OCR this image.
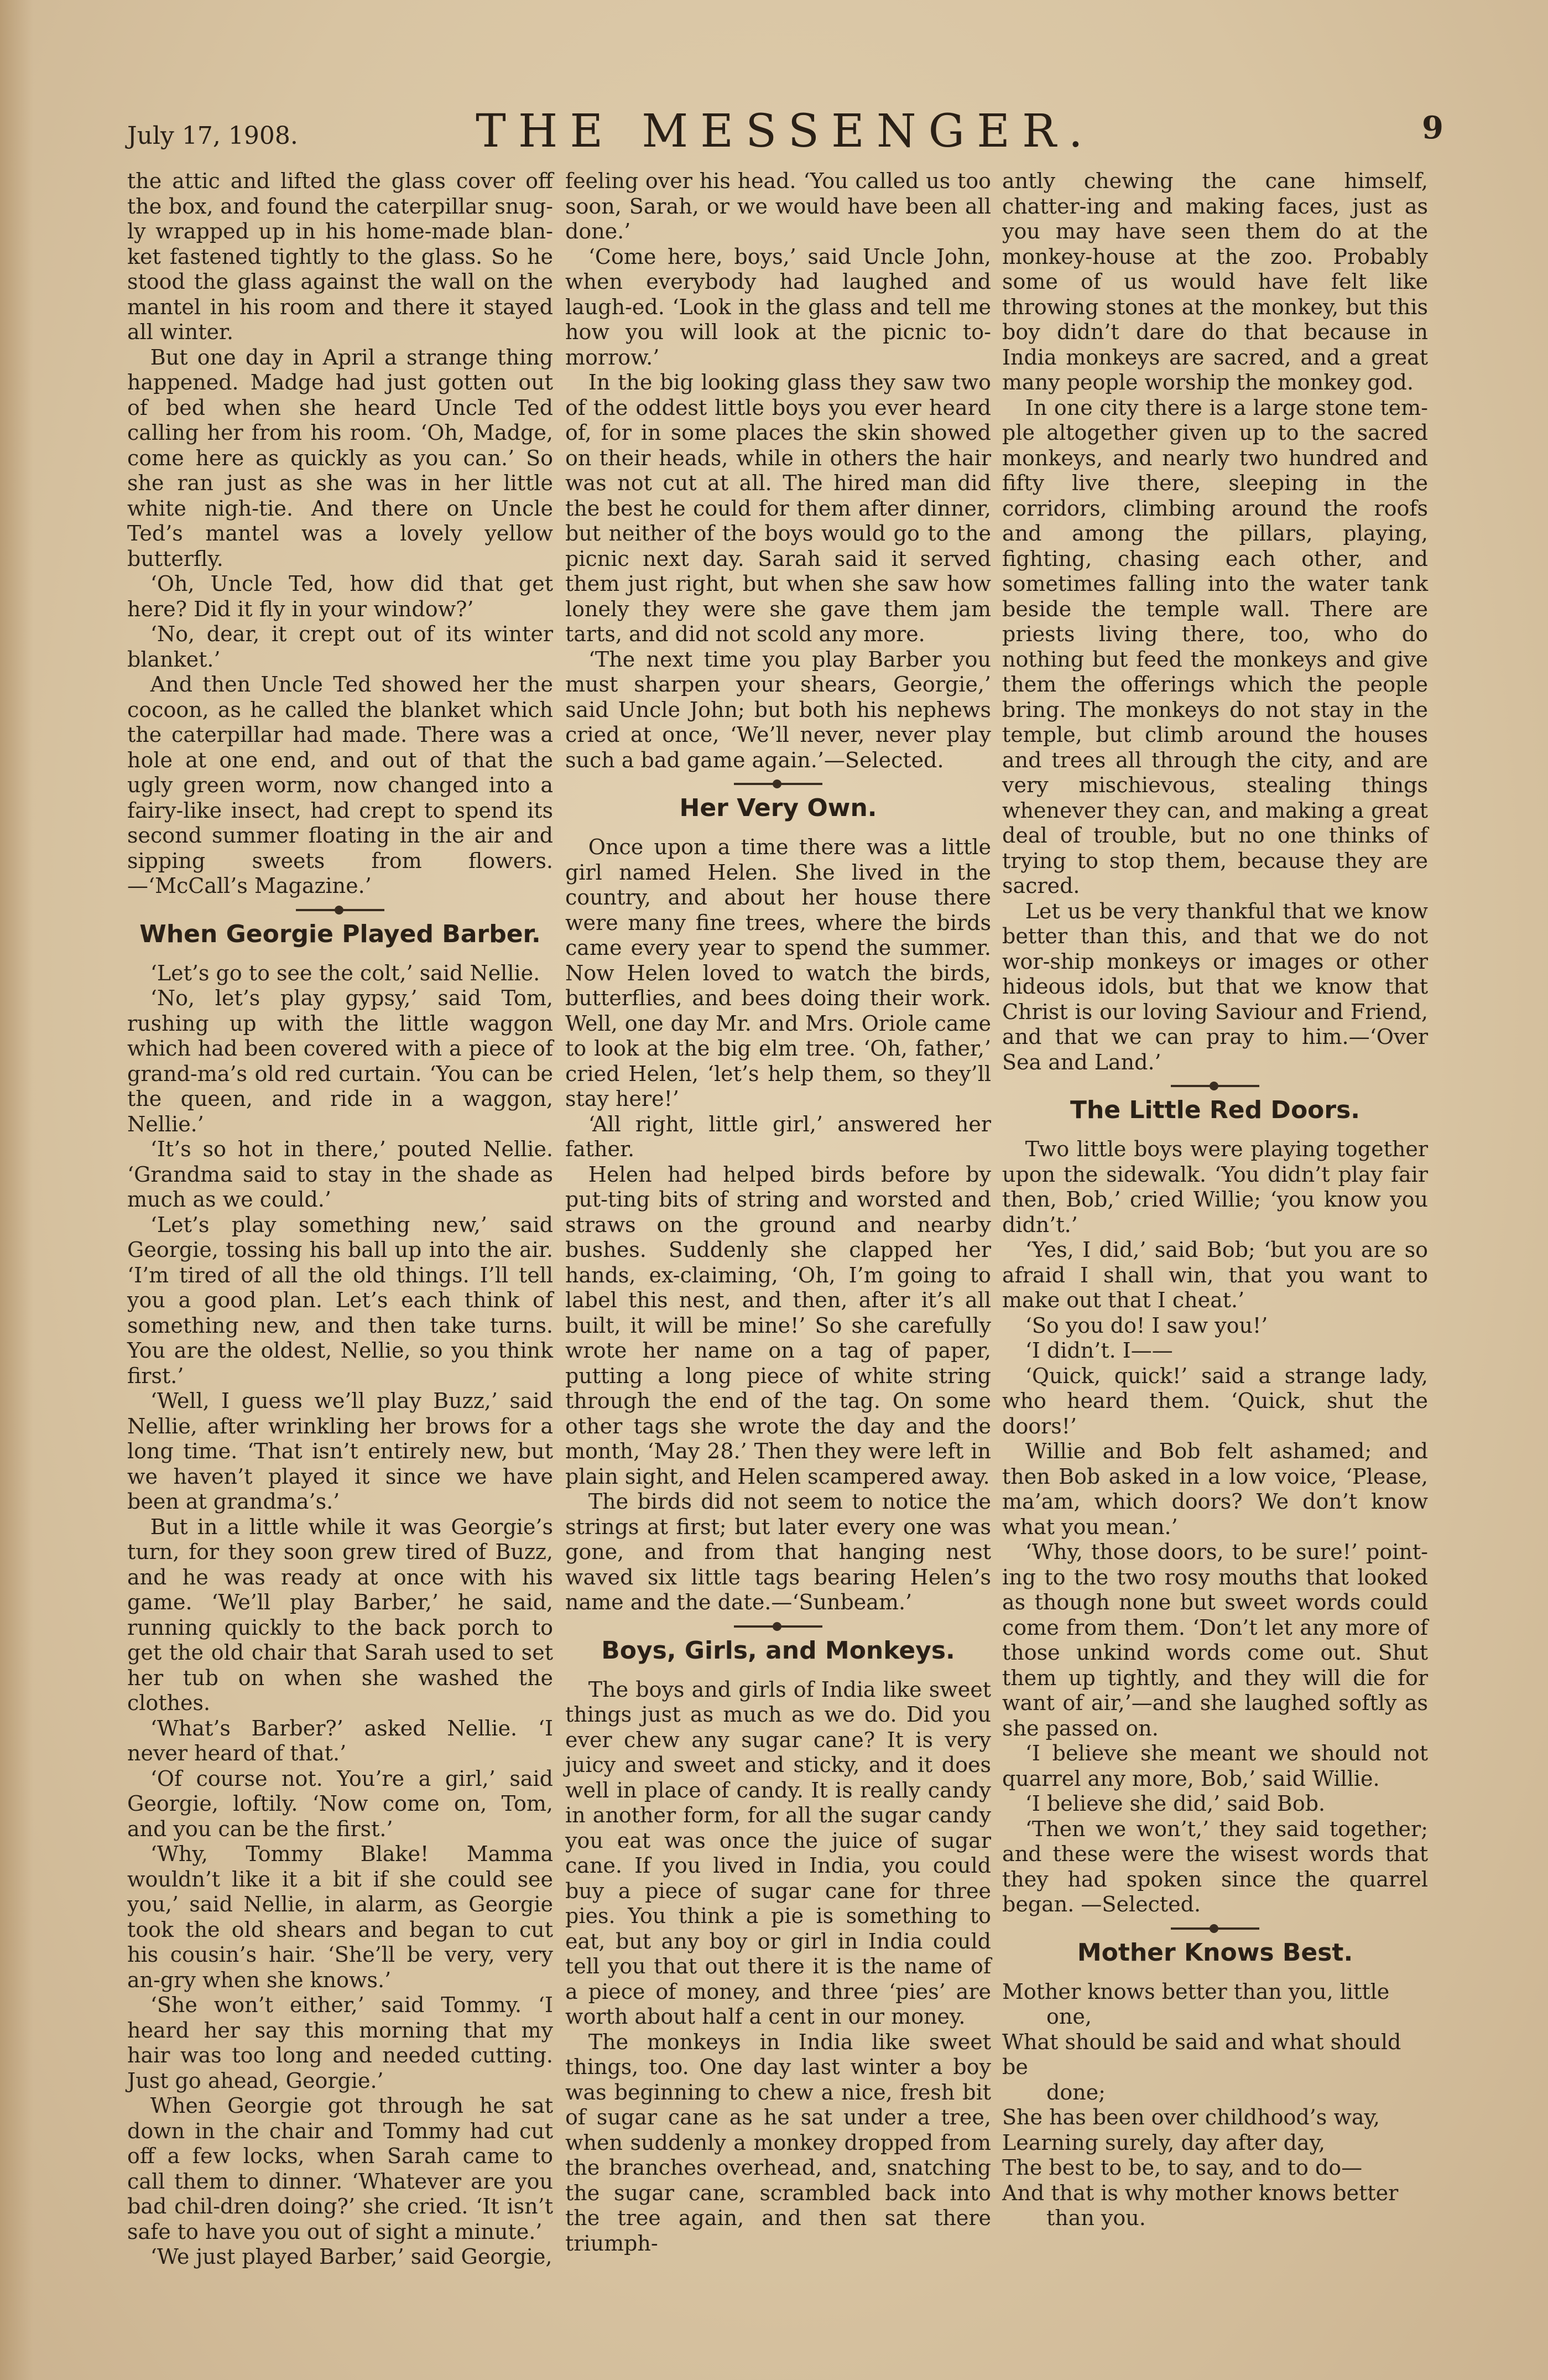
July 17, 1908.	THE MESSENGER.	9

the attic and lifted the glass cover off the box, and found the caterpillar snug-ly wrapped up in his home-made blan-ket fastened tightly to the glass. So he stood the glass against the wall on the mantel in his room and there it stayed all winter.

But one day in April a strange thing happened. Madge had just gotten out of bed when she heard Uncle Ted calling her from his room. ‘Oh, Madge, come here as quickly as you can.’ So she ran just as she was in her little white nigh-tie. And there on Uncle Ted’s mantel was a lovely yellow butterfly.

‘Oh, Uncle Ted, how did that get here? Did it fly in your window?’

‘No, dear, it crept out of its winter blanket.’

And then Uncle Ted showed her the cocoon, as he called the blanket which the caterpillar had made. There was a hole at one end, and out of that the ugly green worm, now changed into a fairy-like insect, had crept to spend its second summer floating in the air and sipping sweets from flowers.—‘McCall’s Magazine.’

When Georgie Played Barber.

‘Let’s go to see the colt,’ said Nellie.

‘No, let’s play gypsy,’ said Tom, rushing up with the little waggon which had been covered with a piece of grand-ma’s old red curtain. ‘You can be the queen, and ride in a waggon, Nellie.’

‘It’s so hot in there,’ pouted Nellie. ‘Grandma said to stay in the shade as much as we could.’

‘Let’s play something new,’ said Georgie, tossing his ball up into the air. ‘I’m tired of all the old things. I’ll tell you a good plan. Let’s each think of something new, and then take turns. You are the oldest, Nellie, so you think first.’

‘Well, I guess we’ll play Buzz,’ said Nellie, after wrinkling her brows for a long time. ‘That isn’t entirely new, but we haven’t played it since we have been at grandma’s.’

But in a little while it was Georgie’s turn, for they soon grew tired of Buzz, and he was ready at once with his game. ‘We’ll play Barber,’ he said, running quickly to the back porch to get the old chair that Sarah used to set her tub on when she washed the clothes.

‘What’s Barber?’ asked Nellie. ‘I never heard of that.’

‘Of course not. You’re a girl,’ said Georgie, loftily. ‘Now come on, Tom, and you can be the first.’

‘Why, Tommy Blake! Mamma wouldn’t like it a bit if she could see you,’ said Nellie, in alarm, as Georgie took the old shears and began to cut his cousin’s hair. ‘She’ll be very, very an-gry when she knows.’

‘She won’t either,’ said Tommy. ‘I heard her say this morning that my hair was too long and needed cutting. Just go ahead, Georgie.’

When Georgie got through he sat down in the chair and Tommy had cut off a few locks, when Sarah came to call them to dinner. ‘Whatever are you bad chil-dren doing?’ she cried. ‘It isn’t safe to have you out of sight a minute.’

‘We just played Barber,’ said Georgie,

feeling over his head. ‘You called us too soon, Sarah, or we would have been all done.’

‘Come here, boys,’ said Uncle John, when everybody had laughed and laugh-ed. ‘Look in the glass and tell me how you will look at the picnic to-morrow.’

In the big looking glass they saw two of the oddest little boys you ever heard of, for in some places the skin showed on their heads, while in others the hair was not cut at all. The hired man did the best he could for them after dinner, but neither of the boys would go to the picnic next day. Sarah said it served them just right, but when she saw how lonely they were she gave them jam tarts, and did not scold any more.

‘The next time you play Barber you must sharpen your shears, Georgie,’ said Uncle John; but both his nephews cried at once, ‘We’ll never, never play such a bad game again.’—Selected.

Her Very Own.

Once upon a time there was a little girl named Helen. She lived in the country, and about her house there were many fine trees, where the birds came every year to spend the summer. Now Helen loved to watch the birds, butterflies, and bees doing their work. Well, one day Mr. and Mrs. Oriole came to look at the big elm tree. ‘Oh, father,’ cried Helen, ‘let’s help them, so they’ll stay here!’

‘All right, little girl,’ answered her father.

Helen had helped birds before by put-ting bits of string and worsted and straws on the ground and nearby bushes. Suddenly she clapped her hands, ex-claiming, ‘Oh, I’m going to label this nest, and then, after it’s all built, it will be mine!’ So she carefully wrote her name on a tag of paper, putting a long piece of white string through the end of the tag. On some other tags she wrote the day and the month, ‘May 28.’ Then they were left in plain sight, and Helen scampered away.

The birds did not seem to notice the strings at first; but later every one was gone, and from that hanging nest waved six little tags bearing Helen’s name and the date.—‘Sunbeam.’

Boys, Girls, and Monkeys.

The boys and girls of India like sweet things just as much as we do. Did you ever chew any sugar cane? It is very juicy and sweet and sticky, and it does well in place of candy. It is really candy in another form, for all the sugar candy you eat was once the juice of sugar cane. If you lived in India, you could buy a piece of sugar cane for three pies. You think a pie is something to eat, but any boy or girl in India could tell you that out there it is the name of a piece of money, and three ‘pies’ are worth about half a cent in our money.

The monkeys in India like sweet things, too. One day last winter a boy was beginning to chew a nice, fresh bit of sugar cane as he sat under a tree, when suddenly a monkey dropped from the branches overhead, and, snatching the sugar cane, scrambled back into the tree again, and then sat there triumph-

antly chewing the cane himself, chatter-ing and making faces, just as you may have seen them do at the monkey-house at the zoo. Probably some of us would have felt like throwing stones at the monkey, but this boy didn’t dare do that because in India monkeys are sacred, and a great many people worship the monkey god.

In one city there is a large stone tem-ple altogether given up to the sacred monkeys, and nearly two hundred and fifty live there, sleeping in the corridors, climbing around the roofs and among the pillars, playing, fighting, chasing each other, and sometimes falling into the water tank beside the temple wall. There are priests living there, too, who do nothing but feed the monkeys and give them the offerings which the people bring. The monkeys do not stay in the temple, but climb around the houses and trees all through the city, and are very mischievous, stealing things whenever they can, and making a great deal of trouble, but no one thinks of trying to stop them, because they are sacred.

Let us be very thankful that we know better than this, and that we do not wor-ship monkeys or images or other hideous idols, but that we know that Christ is our loving Saviour and Friend, and that we can pray to him.—‘Over Sea and Land.’

The Little Red Doors.

Two little boys were playing together upon the sidewalk. ‘You didn’t play fair then, Bob,’ cried Willie; ‘you know you didn’t.’

‘Yes, I did,’ said Bob; ‘but you are so afraid I shall win, that you want to make out that I cheat.’

‘So you do! I saw you!’

‘I didn’t. I——

‘Quick, quick!’ said a strange lady, who heard them. ‘Quick, shut the doors!’

Willie and Bob felt ashamed; and then Bob asked in a low voice, ‘Please, ma’am, which doors? We don’t know what you mean.’

‘Why, those doors, to be sure!’ point-ing to the two rosy mouths that looked as though none but sweet words could come from them. ‘Don’t let any more of those unkind words come out. Shut them up tightly, and they will die for want of air,’—and she laughed softly as she passed on.

‘I believe she meant we should not quarrel any more, Bob,’ said Willie.

‘I believe she did,’ said Bob.

‘Then we won’t,’ they said together; and these were the wisest words that they had spoken since the quarrel began. —Selected.

Mother Knows Best.

Mother knows better than you, little

one,

What should be said and what should be

done;

She has been over childhood’s way,

Learning surely, day after day,

The best to be, to say, and to do—

And that is why mother knows better

than you.
